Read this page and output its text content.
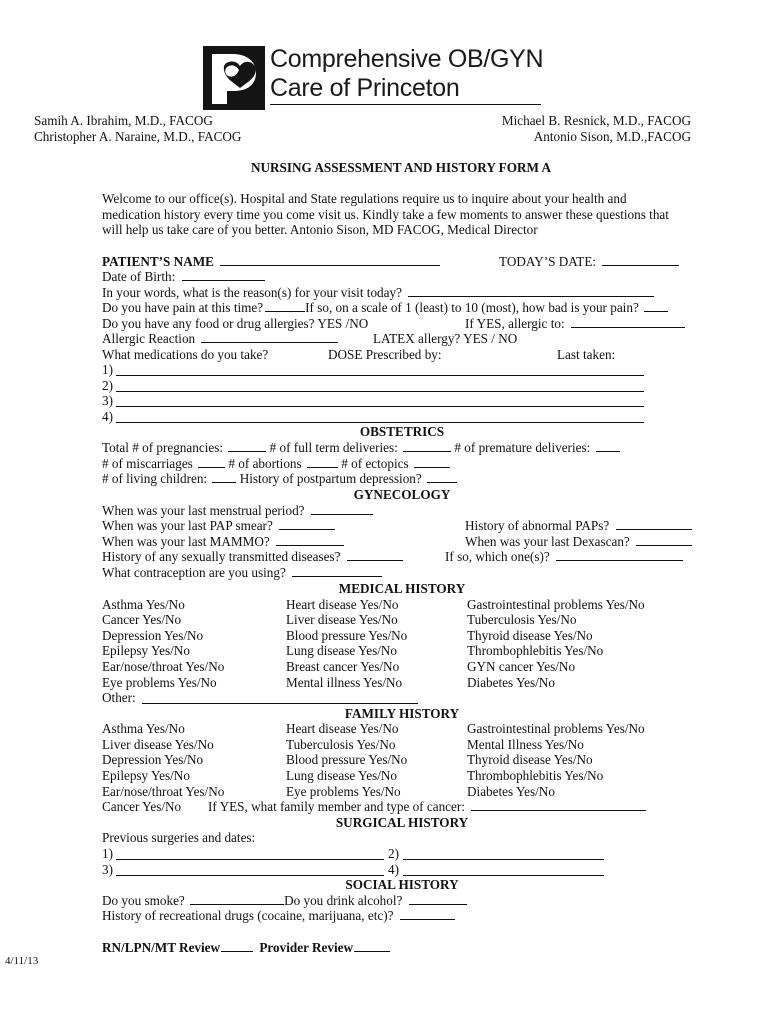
Comprehensive OB/GYN
Care of Princeton
Samih A. Ibrahim, M.D., FACOG
Christopher A. Naraine, M.D., FACOG
Michael B. Resnick, M.D., FACOG
Antonio Sison, M.D.,FACOG
NURSING ASSESSMENT AND HISTORY FORM A
Welcome to our office(s). Hospital and State regulations require us to inquire about your health and
medication history every time you come visit us. Kindly take a few moments to answer these questions that
will help us take care of you better. Antonio Sison, MD FACOG, Medical Director
PATIENT’S NAME	TODAY’S DATE:
Date of Birth:
In your words, what is the reason(s) for your visit today?
Do you have pain at this time?	If so, on a scale of 1 (least) to 10 (most), how bad is your pain?
Do you have any food or drug allergies? YES /NO	If YES, allergic to:
Allergic Reaction	LATEX allergy? YES / NO
What medications do you take?	DOSE Prescribed by:	Last taken:
1)
2)
3)
4)
OBSTETRICS
Total # of pregnancies:	# of full term deliveries:	# of premature deliveries:
# of miscarriages	# of abortions	# of ectopics
# of living children: History of postpartum depression?
GYNECOLOGY
When was your last menstrual period?
When was your last PAP smear?	History of abnormal PAPs?
When was your last MAMMO?	When was your last Dexascan?
History of any sexually transmitted diseases?	If so, which one(s)?
What contraception are you using?
MEDICAL HISTORY
Asthma Yes/No	Heart disease Yes/No	Gastrointestinal problems Yes/No
Cancer Yes/No	Liver disease Yes/No	Tuberculosis Yes/No
Depression Yes/No	Blood pressure Yes/No	Thyroid disease Yes/No
Epilepsy Yes/No	Lung disease Yes/No	Thrombophlebitis Yes/No
Ear/nose/throat Yes/No	Breast cancer Yes/No	GYN cancer Yes/No
Eye problems Yes/No	Mental illness Yes/No	Diabetes Yes/No
Other:
FAMILY HISTORY
Asthma Yes/No	Heart disease Yes/No	Gastrointestinal problems Yes/No
Liver disease Yes/No	Tuberculosis Yes/No	Mental Illness Yes/No
Depression Yes/No	Blood pressure Yes/No	Thyroid disease Yes/No
Epilepsy Yes/No	Lung disease Yes/No	Thrombophlebitis Yes/No
Ear/nose/throat Yes/No	Eye problems Yes/No	Diabetes Yes/No
Cancer Yes/No If YES, what family member and type of cancer:
SURGICAL HISTORY
Previous surgeries and dates:
1)	2)
3)	4)
SOCIAL HISTORY
Do you smoke?	Do you drink alcohol?
History of recreational drugs (cocaine, marijuana, etc)?
RN/LPN/MT Review	Provider Review
4/11/13
